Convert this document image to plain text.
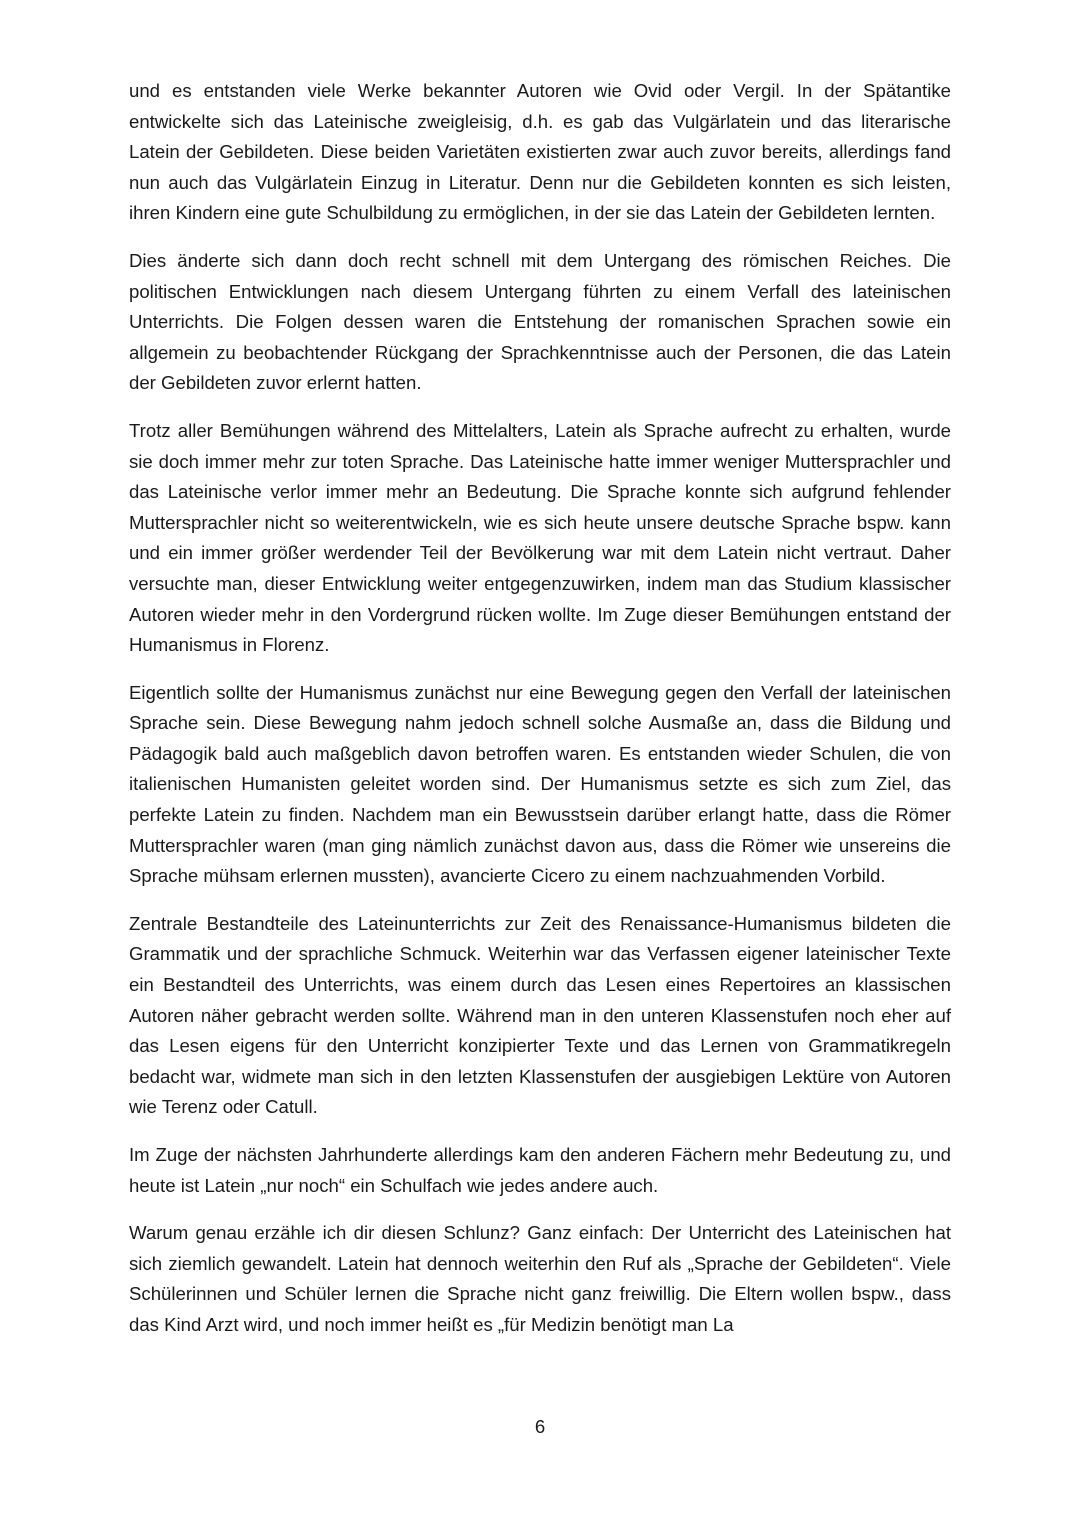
und es entstanden viele Werke bekannter Autoren wie Ovid oder Vergil. In der Spätantike entwickelte sich das Lateinische zweigleisig, d.h. es gab das Vulgärlatein und das literarische Latein der Gebildeten. Diese beiden Varietäten existierten zwar auch zuvor bereits, allerdings fand nun auch das Vulgärlatein Einzug in Literatur. Denn nur die Gebildeten konnten es sich leisten, ihren Kindern eine gute Schulbildung zu ermöglichen, in der sie das Latein der Gebildeten lernten.

Dies änderte sich dann doch recht schnell mit dem Untergang des römischen Reiches. Die politischen Entwicklungen nach diesem Untergang führten zu einem Verfall des lateinischen Unterrichts. Die Folgen dessen waren die Entstehung der romanischen Sprachen sowie ein allgemein zu beobachtender Rückgang der Sprachkenntnisse auch der Personen, die das Latein der Gebildeten zuvor erlernt hatten.

Trotz aller Bemühungen während des Mittelalters, Latein als Sprache aufrecht zu erhalten, wurde sie doch immer mehr zur toten Sprache. Das Lateinische hatte immer weniger Muttersprachler und das Lateinische verlor immer mehr an Bedeutung. Die Sprache konnte sich aufgrund fehlender Muttersprachler nicht so weiterentwickeln, wie es sich heute unsere deutsche Sprache bspw. kann und ein immer größer werdender Teil der Bevölkerung war mit dem Latein nicht vertraut. Daher versuchte man, dieser Entwicklung weiter entgegenzuwirken, indem man das Studium klassischer Autoren wieder mehr in den Vordergrund rücken wollte. Im Zuge dieser Bemühungen entstand der Humanismus in Florenz.

Eigentlich sollte der Humanismus zunächst nur eine Bewegung gegen den Verfall der lateinischen Sprache sein. Diese Bewegung nahm jedoch schnell solche Ausmaße an, dass die Bildung und Pädagogik bald auch maßgeblich davon betroffen waren. Es entstanden wieder Schulen, die von italienischen Humanisten geleitet worden sind. Der Humanismus setzte es sich zum Ziel, das perfekte Latein zu finden. Nachdem man ein Bewusstsein darüber erlangt hatte, dass die Römer Muttersprachler waren (man ging nämlich zunächst davon aus, dass die Römer wie unsereins die Sprache mühsam erlernen mussten), avancierte Cicero zu einem nachzuahmenden Vorbild.

Zentrale Bestandteile des Lateinunterrichts zur Zeit des Renaissance-Humanismus bildeten die Grammatik und der sprachliche Schmuck. Weiterhin war das Verfassen eigener lateinischer Texte ein Bestandteil des Unterrichts, was einem durch das Lesen eines Repertoires an klassischen Autoren näher gebracht werden sollte. Während man in den unteren Klassenstufen noch eher auf das Lesen eigens für den Unterricht konzipierter Texte und das Lernen von Grammatikregeln bedacht war, widmete man sich in den letzten Klassenstufen der ausgiebigen Lektüre von Autoren wie Terenz oder Catull.

Im Zuge der nächsten Jahrhunderte allerdings kam den anderen Fächern mehr Bedeutung zu, und heute ist Latein „nur noch“ ein Schulfach wie jedes andere auch.

Warum genau erzähle ich dir diesen Schlunz? Ganz einfach: Der Unterricht des Lateinischen hat sich ziemlich gewandelt. Latein hat dennoch weiterhin den Ruf als „Sprache der Gebildeten“. Viele Schülerinnen und Schüler lernen die Sprache nicht ganz freiwillig. Die Eltern wollen bspw., dass das Kind Arzt wird, und noch immer heißt es „für Medizin benötigt man La

6
